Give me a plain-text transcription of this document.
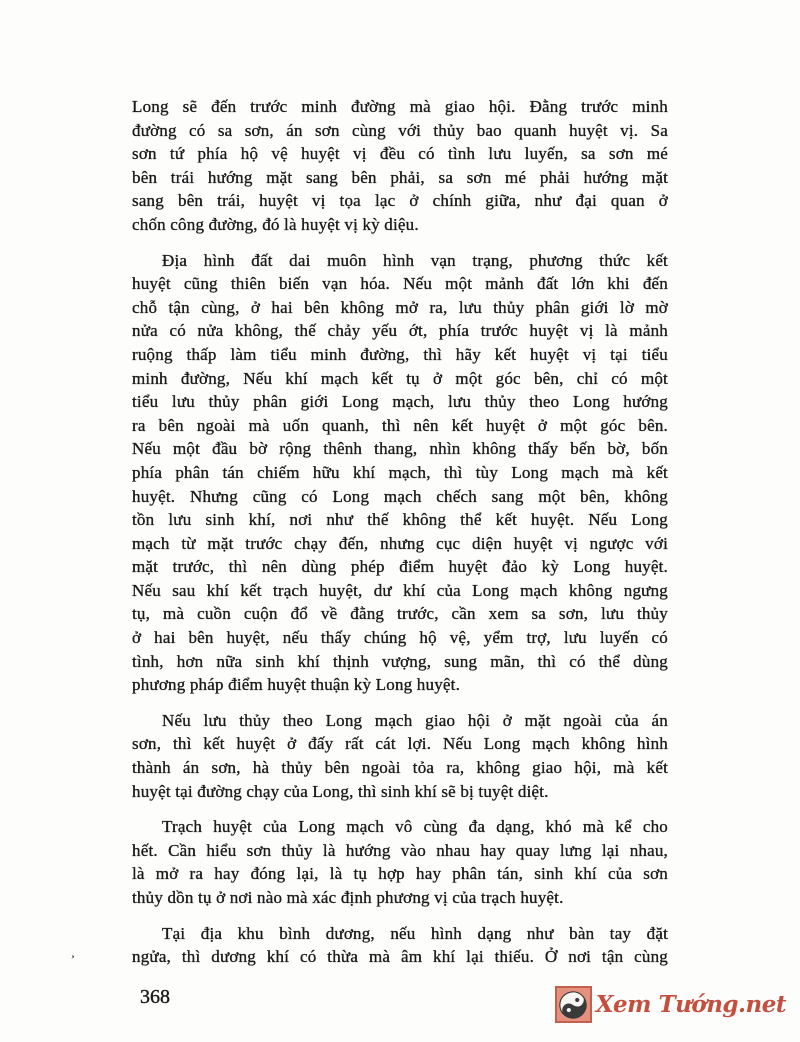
Long sẽ đến trước minh đường mà giao hội. Đằng trước minh
đường có sa sơn, án sơn cùng với thủy bao quanh huyệt vị. Sa
sơn tứ phía hộ vệ huyệt vị đều có tình lưu luyến, sa sơn mé
bên trái hướng mặt sang bên phải, sa sơn mé phải hướng mặt
sang bên trái, huyệt vị tọa lạc ở chính giữa, như đại quan ở
chốn công đường, đó là huyệt vị kỳ diệu.
Địa hình đất dai muôn hình vạn trạng, phương thức kết
huyệt cũng thiên biến vạn hóa. Nếu một mảnh đất lớn khi đến
chỗ tận cùng, ở hai bên không mở ra, lưu thủy phân giới lờ mờ
nửa có nửa không, thế chảy yếu ớt, phía trước huyệt vị là mảnh
ruộng thấp làm tiểu minh đường, thì hãy kết huyệt vị tại tiểu
minh đường, Nếu khí mạch kết tụ ở một góc bên, chỉ có một
tiểu lưu thủy phân giới Long mạch, lưu thủy theo Long hướng
ra bên ngoài mà uốn quanh, thì nên kết huyệt ở một góc bên.
Nếu một đầu bờ rộng thênh thang, nhìn không thấy bến bờ, bốn
phía phân tán chiếm hữu khí mạch, thì tùy Long mạch mà kết
huyệt. Nhưng cũng có Long mạch chếch sang một bên, không
tồn lưu sinh khí, nơi như thế không thể kết huyệt. Nếu Long
mạch từ mặt trước chạy đến, nhưng cục diện huyệt vị ngược với
mặt trước, thì nên dùng phép điểm huyệt đảo kỳ Long huyệt.
Nếu sau khí kết trạch huyệt, dư khí của Long mạch không ngưng
tụ, mà cuồn cuộn đổ về đằng trước, cần xem sa sơn, lưu thủy
ở hai bên huyệt, nếu thấy chúng hộ vệ, yểm trợ, lưu luyến có
tình, hơn nữa sinh khí thịnh vượng, sung mãn, thì có thể dùng
phương pháp điểm huyệt thuận kỳ Long huyệt.
Nếu lưu thủy theo Long mạch giao hội ở mặt ngoài của án
sơn, thì kết huyệt ở đấy rất cát lợi. Nếu Long mạch không hình
thành án sơn, hà thủy bên ngoài tỏa ra, không giao hội, mà kết
huyệt tại đường chạy của Long, thì sinh khí sẽ bị tuyệt diệt.
Trạch huyệt của Long mạch vô cùng đa dạng, khó mà kể cho
hết. Cần hiểu sơn thủy là hướng vào nhau hay quay lưng lại nhau,
là mở ra hay đóng lại, là tụ hợp hay phân tán, sinh khí của sơn
thủy dồn tụ ở nơi nào mà xác định phương vị của trạch huyệt.
Tại địa khu bình dương, nếu hình dạng như bàn tay đặt
ngửa, thì dương khí có thừa mà âm khí lại thiếu. Ở nơi tận cùng
’
368	Xem Tướng.net
